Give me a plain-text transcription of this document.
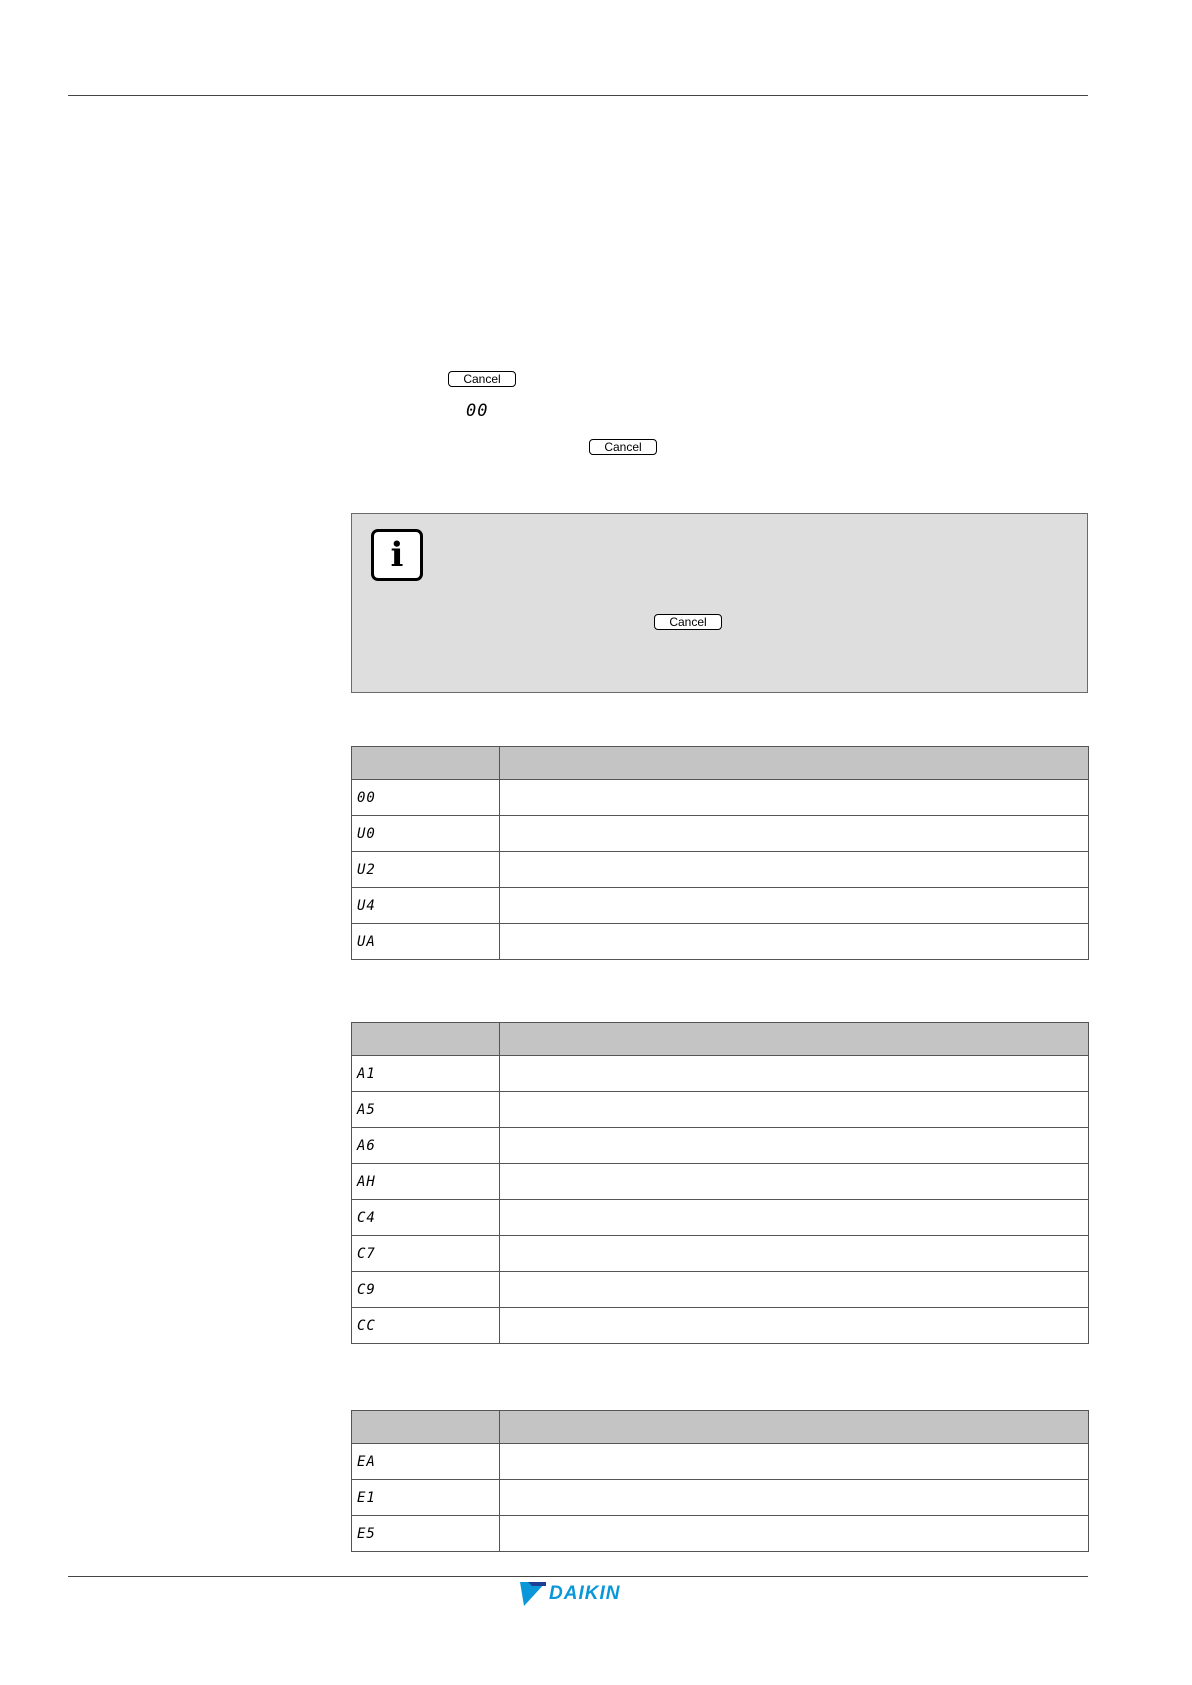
Cancel
00
Cancel
i
Cancel

00	
U0	
U2	
U4	
UA	

A1	
A5	
A6	
AH	
C4	
C7	
C9	
CC	

EA	
E1	
E5	
DAIKIN
